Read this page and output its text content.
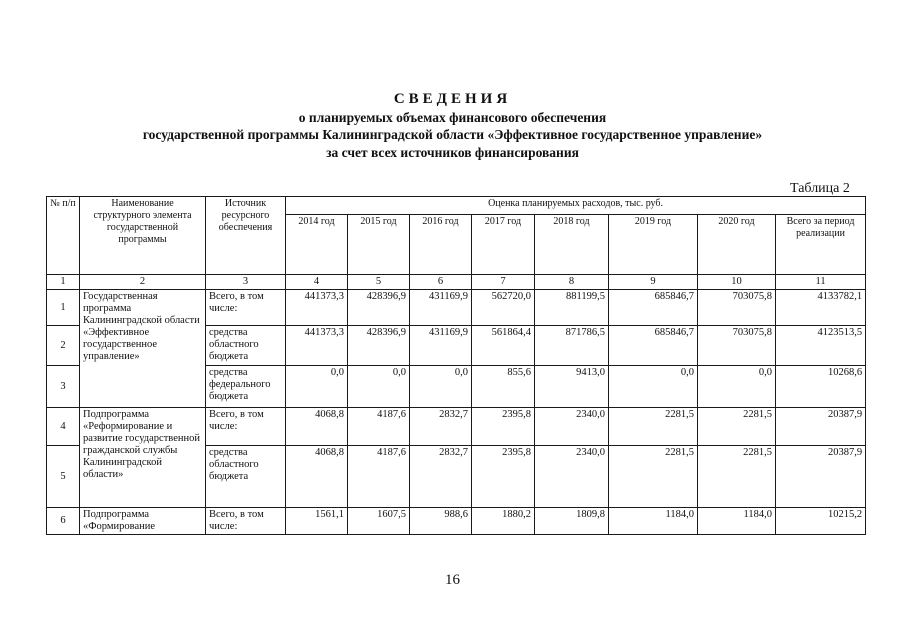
СВЕДЕНИЯ
о планируемых объемах финансового обеспечения
государственной программы Калининградской области «Эффективное государственное управление»
за счет всех источников финансирования
Таблица 2
№ п/п	Наименование структурного элемента государственной программы	Источник ресурсного обеспечения	Оценка планируемых расходов, тыс. руб.							
			2014 год	2015 год	2016 год	2017 год	2018 год	2019 год	2020 год	Всего за период реализации
1	2	3	4	5	6	7	8	9	10	11
1	Государственная программа Калининградской области «Эффективное государственное управление»	Всего, в том числе:	441373,3	428396,9	431169,9	562720,0	881199,5	685846,7	703075,8	4133782,1
2		средства областного бюджета	441373,3	428396,9	431169,9	561864,4	871786,5	685846,7	703075,8	4123513,5
3		средства федерального бюджета	0,0	0,0	0,0	855,6	9413,0	0,0	0,0	10268,6
4	Подпрограмма «Реформирование и развитие государственной гражданской службы Калининградской области»	Всего, в том числе:	4068,8	4187,6	2832,7	2395,8	2340,0	2281,5	2281,5	20387,9
5		средства областного бюджета	4068,8	4187,6	2832,7	2395,8	2340,0	2281,5	2281,5	20387,9
6	Подпрограмма «Формирование	Всего, в том числе:	1561,1	1607,5	988,6	1880,2	1809,8	1184,0	1184,0	10215,2
16
